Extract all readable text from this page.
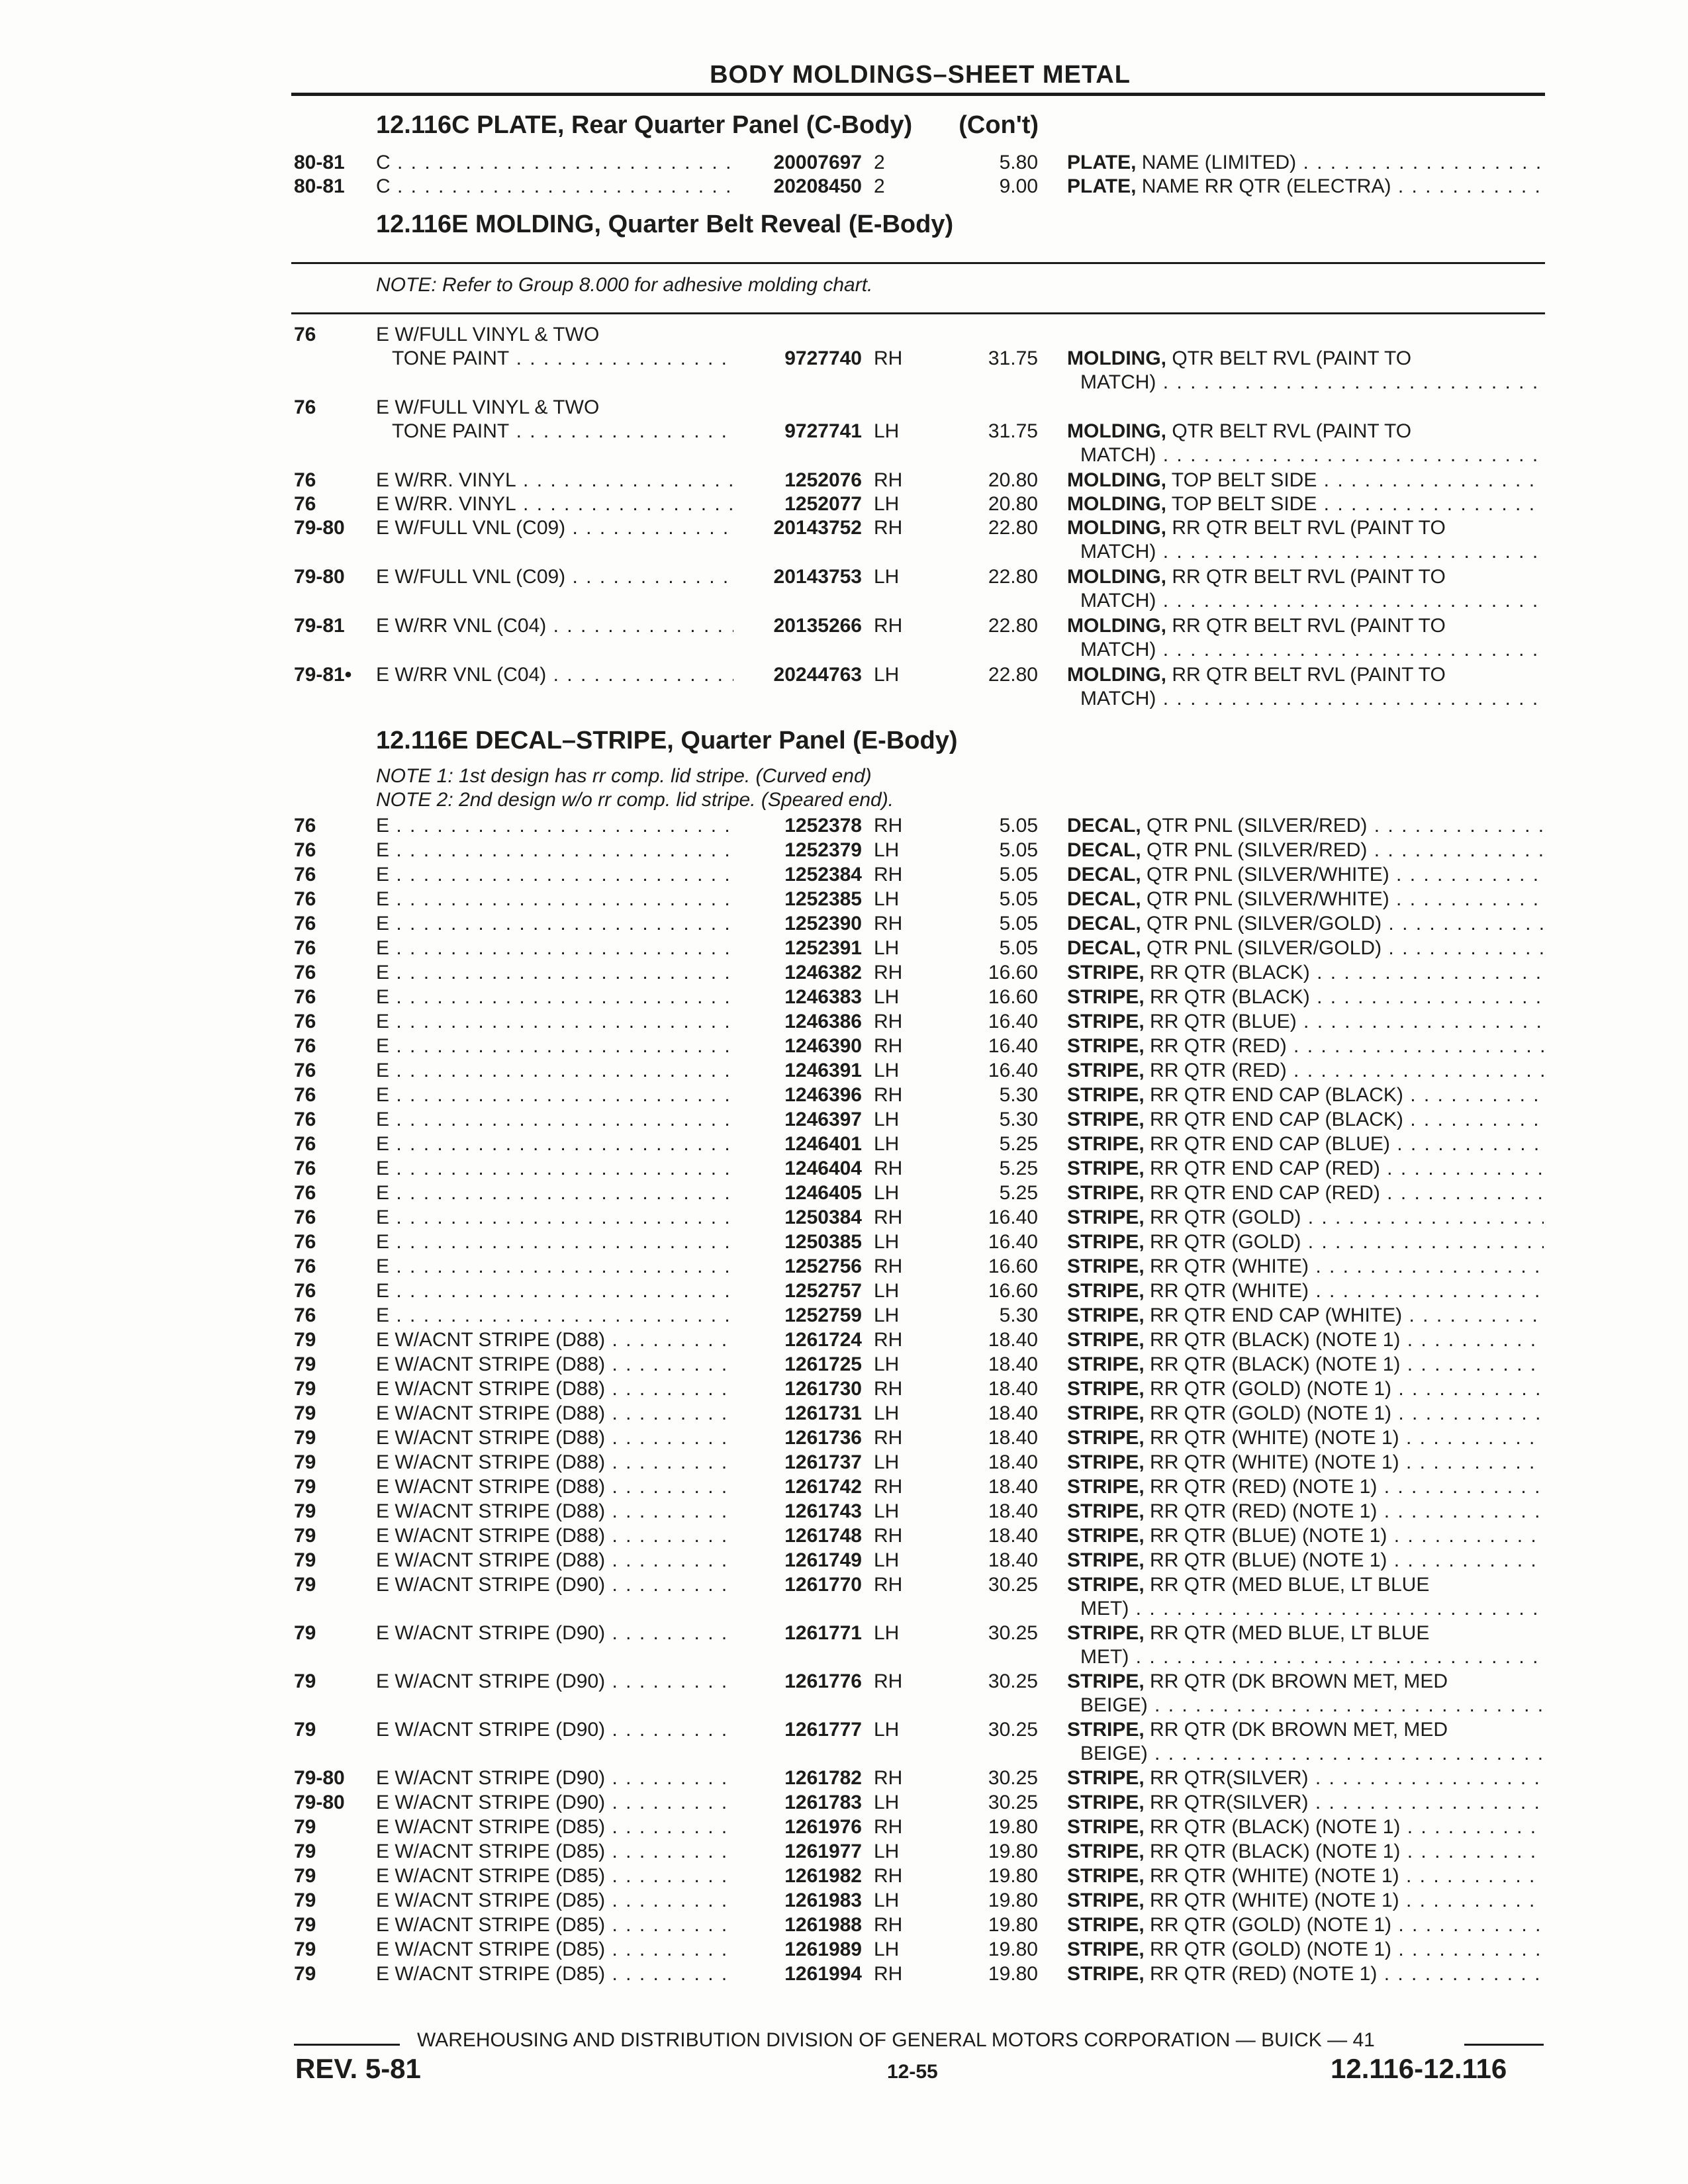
BODY MOLDINGS–SHEET METAL
12.116C PLATE, Rear Quarter Panel (C-Body) (Con't)
80-81 C . . .	20007697 2	5.80 PLATE, NAME (LIMITED) . . .
80-81 C . . .	20208450 2	9.00 PLATE, NAME RR QTR (ELECTRA) . . .
12.116E MOLDING, Quarter Belt Reveal (E-Body)
NOTE: Refer to Group 8.000 for adhesive molding chart.
76	E W/FULL VINYL & TWO
TONE PAINT . . .	9727740 RH	31.75 MOLDING, QTR BELT RVL (PAINT TO
MATCH) . . .
76	E W/FULL VINYL & TWO
TONE PAINT . . .	9727741 LH	31.75 MOLDING, QTR BELT RVL (PAINT TO
MATCH) . . .
76	E W/RR. VINYL . . .	1252076 RH	20.80 MOLDING, TOP BELT SIDE . . .
76	E W/RR. VINYL . . .	1252077 LH	20.80 MOLDING, TOP BELT SIDE . . .
79-80 E W/FULL VNL (C09) . . .	20143752 RH	22.80 MOLDING, RR QTR BELT RVL (PAINT TO
MATCH) . . .
79-80 E W/FULL VNL (C09) . . .	20143753 LH	22.80 MOLDING, RR QTR BELT RVL (PAINT TO
MATCH) . . .
79-81 E W/RR VNL (C04) . . .	20135266 RH	22.80 MOLDING, RR QTR BELT RVL (PAINT TO
MATCH) . . .
79-81• E W/RR VNL (C04) . . .	20244763 LH	22.80 MOLDING, RR QTR BELT RVL (PAINT TO
MATCH) . . .
12.116E DECAL–STRIPE, Quarter Panel (E-Body)
NOTE 1: 1st design has rr comp. lid stripe. (Curved end)
NOTE 2: 2nd design w/o rr comp. lid stripe. (Speared end).
76	E . . .	1252378 RH	5.05 DECAL, QTR PNL (SILVER/RED) . . .
76	E . . .	1252379 LH	5.05 DECAL, QTR PNL (SILVER/RED) . . .
76	E . . .	1252384 RH	5.05 DECAL, QTR PNL (SILVER/WHITE) . . .
76	E . . .	1252385 LH	5.05 DECAL, QTR PNL (SILVER/WHITE) . . .
76	E . . .	1252390 RH	5.05 DECAL, QTR PNL (SILVER/GOLD) . . .
76	E . . .	1252391 LH	5.05 DECAL, QTR PNL (SILVER/GOLD) . . .
76	E . . .	1246382 RH	16.60 STRIPE, RR QTR (BLACK) . . .
76	E . . .	1246383 LH	16.60 STRIPE, RR QTR (BLACK) . . .
76	E . . .	1246386 RH	16.40 STRIPE, RR QTR (BLUE) . . .
76	E . . .	1246390 RH	16.40 STRIPE, RR QTR (RED) . . .
76	E . . .	1246391 LH	16.40 STRIPE, RR QTR (RED) . . .
76	E . . .	1246396 RH	5.30 STRIPE, RR QTR END CAP (BLACK) . . .
76	E . . .	1246397 LH	5.30 STRIPE, RR QTR END CAP (BLACK) . . .
76	E . . .	1246401 LH	5.25 STRIPE, RR QTR END CAP (BLUE) . . .
76	E . . .	1246404 RH	5.25 STRIPE, RR QTR END CAP (RED) . . .
76	E . . .	1246405 LH	5.25 STRIPE, RR QTR END CAP (RED) . . .
76	E . . .	1250384 RH	16.40 STRIPE, RR QTR (GOLD) . . .
76	E . . .	1250385 LH	16.40 STRIPE, RR QTR (GOLD) . . .
76	E . . .	1252756 RH	16.60 STRIPE, RR QTR (WHITE) . . .
76	E . . .	1252757 LH	16.60 STRIPE, RR QTR (WHITE) . . .
76	E . . .	1252759 LH	5.30 STRIPE, RR QTR END CAP (WHITE) . . .
79	E W/ACNT STRIPE (D88) . . .	1261724 RH	18.40 STRIPE, RR QTR (BLACK) (NOTE 1) . . .
79	E W/ACNT STRIPE (D88) . . .	1261725 LH	18.40 STRIPE, RR QTR (BLACK) (NOTE 1) . . .
79	E W/ACNT STRIPE (D88) . . .	1261730 RH	18.40 STRIPE, RR QTR (GOLD) (NOTE 1) . . .
79	E W/ACNT STRIPE (D88) . . .	1261731 LH	18.40 STRIPE, RR QTR (GOLD) (NOTE 1) . . .
79	E W/ACNT STRIPE (D88) . . .	1261736 RH	18.40 STRIPE, RR QTR (WHITE) (NOTE 1) . . .
79	E W/ACNT STRIPE (D88) . . .	1261737 LH	18.40 STRIPE, RR QTR (WHITE) (NOTE 1) . . .
79	E W/ACNT STRIPE (D88) . . .	1261742 RH	18.40 STRIPE, RR QTR (RED) (NOTE 1) . . .
79	E W/ACNT STRIPE (D88) . . .	1261743 LH	18.40 STRIPE, RR QTR (RED) (NOTE 1) . . .
79	E W/ACNT STRIPE (D88) . . .	1261748 RH	18.40 STRIPE, RR QTR (BLUE) (NOTE 1) . . .
79	E W/ACNT STRIPE (D88) . . .	1261749 LH	18.40 STRIPE, RR QTR (BLUE) (NOTE 1) . . .
79	E W/ACNT STRIPE (D90) . . .	1261770 RH	30.25 STRIPE, RR QTR (MED BLUE, LT BLUE
MET) . . .
79	E W/ACNT STRIPE (D90) . . .	1261771 LH	30.25 STRIPE, RR QTR (MED BLUE, LT BLUE
MET) . . .
79	E W/ACNT STRIPE (D90) . . .	1261776 RH	30.25 STRIPE, RR QTR (DK BROWN MET, MED
BEIGE) . . .
79	E W/ACNT STRIPE (D90) . . .	1261777 LH	30.25 STRIPE, RR QTR (DK BROWN MET, MED
BEIGE) . . .
79-80 E W/ACNT STRIPE (D90) . . .	1261782 RH	30.25 STRIPE, RR QTR(SILVER) . . .
79-80 E W/ACNT STRIPE (D90) . . .	1261783 LH	30.25 STRIPE, RR QTR(SILVER) . . .
79	E W/ACNT STRIPE (D85) . . .	1261976 RH	19.80 STRIPE, RR QTR (BLACK) (NOTE 1) . . .
79	E W/ACNT STRIPE (D85) . . .	1261977 LH	19.80 STRIPE, RR QTR (BLACK) (NOTE 1) . . .
79	E W/ACNT STRIPE (D85) . . .	1261982 RH	19.80 STRIPE, RR QTR (WHITE) (NOTE 1) . . .
79	E W/ACNT STRIPE (D85) . . .	1261983 LH	19.80 STRIPE, RR QTR (WHITE) (NOTE 1) . . .
79	E W/ACNT STRIPE (D85) . . .	1261988 RH	19.80 STRIPE, RR QTR (GOLD) (NOTE 1) . . .
79	E W/ACNT STRIPE (D85) . . .	1261989 LH	19.80 STRIPE, RR QTR (GOLD) (NOTE 1) . . .
79	E W/ACNT STRIPE (D85) . . .	1261994 RH	19.80 STRIPE, RR QTR (RED) (NOTE 1) . . .
WAREHOUSING AND DISTRIBUTION DIVISION OF GENERAL MOTORS CORPORATION — BUICK — 41
REV. 5-81	12-55	12.116-12.116
